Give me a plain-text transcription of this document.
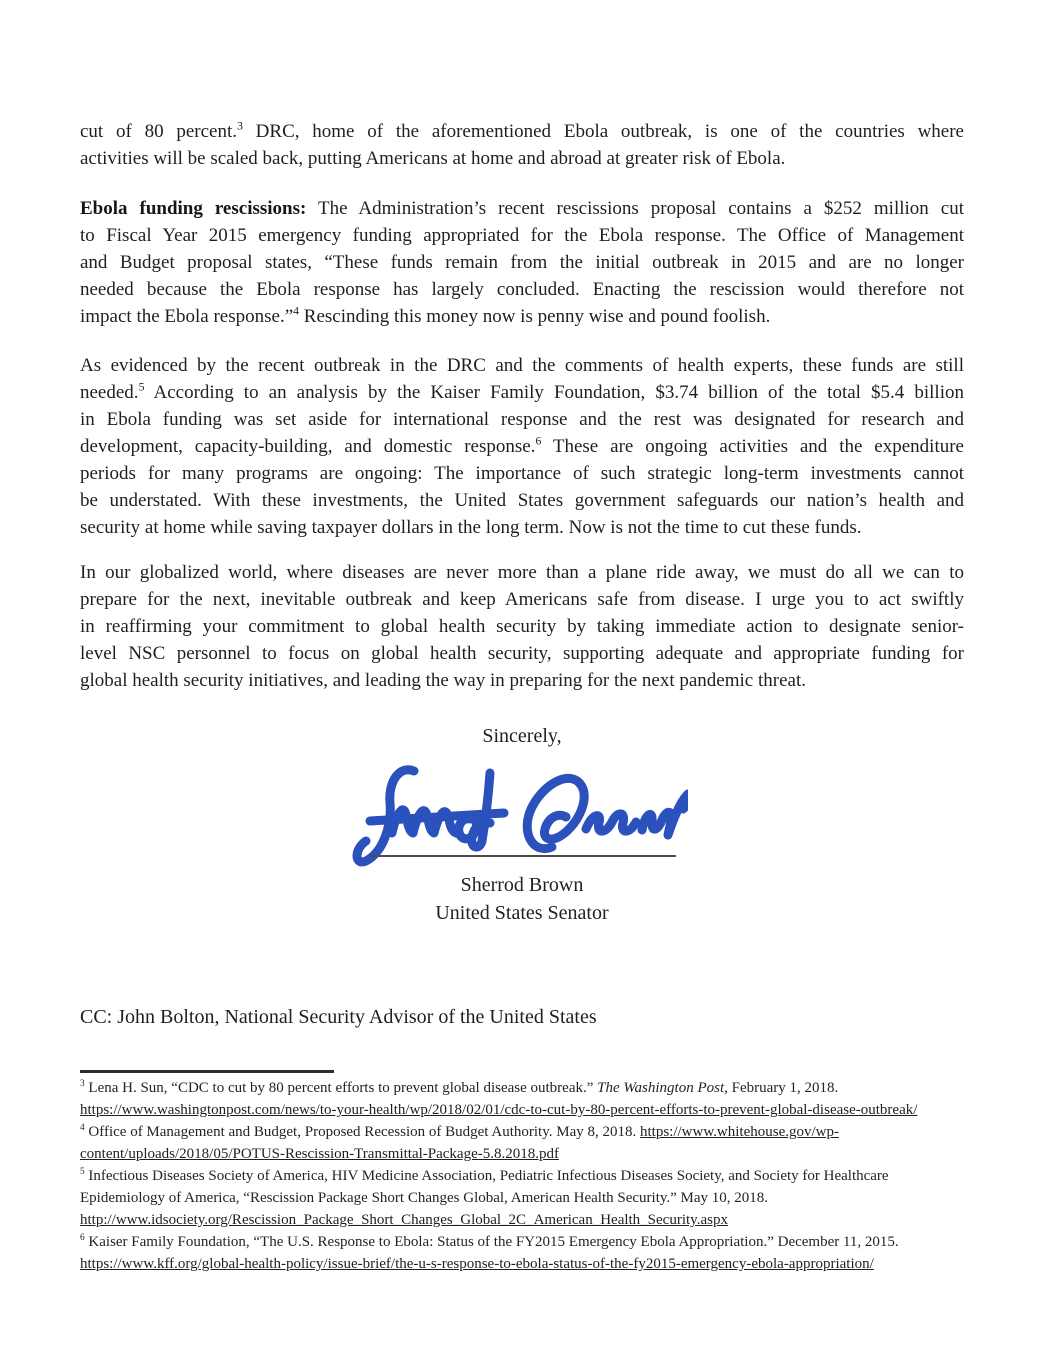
cut of 80 percent.$^3$ DRC, home of the aforementioned Ebola outbreak, is one of the countries where
activities will be scaled back, putting Americans at home and abroad at greater risk of Ebola.
Ebola funding rescissions: The Administration’s recent rescissions proposal contains a $252 million cut
to Fiscal Year 2015 emergency funding appropriated for the Ebola response. The Office of Management
and Budget proposal states, “These funds remain from the initial outbreak in 2015 and are no longer
needed because the Ebola response has largely concluded. Enacting the rescission would therefore not
impact the Ebola response.”$^4$ Rescinding this money now is penny wise and pound foolish.
As evidenced by the recent outbreak in the DRC and the comments of health experts, these funds are still
needed.$^5$ According to an analysis by the Kaiser Family Foundation, $3.74 billion of the total $5.4 billion
in Ebola funding was set aside for international response and the rest was designated for research and
development, capacity-building, and domestic response.$^6$ These are ongoing activities and the expenditure
periods for many programs are ongoing: The importance of such strategic long-term investments cannot
be understated. With these investments, the United States government safeguards our nation’s health and
security at home while saving taxpayer dollars in the long term. Now is not the time to cut these funds.
In our globalized world, where diseases are never more than a plane ride away, we must do all we can to
prepare for the next, inevitable outbreak and keep Americans safe from disease. I urge you to act swiftly
in reaffirming your commitment to global health security by taking immediate action to designate senior-
level NSC personnel to focus on global health security, supporting adequate and appropriate funding for
global health security initiatives, and leading the way in preparing for the next pandemic threat.
Sincerely,
Sherrod Brown
United States Senator
CC: John Bolton, National Security Advisor of the United States
$^3$ Lena H. Sun, “CDC to cut by 80 percent efforts to prevent global disease outbreak.” The Washington Post, February 1, 2018.
https://www.washingtonpost.com/news/to-your-health/wp/2018/02/01/cdc-to-cut-by-80-percent-efforts-to-prevent-global-disease-outbreak/
$^4$ Office of Management and Budget, Proposed Recession of Budget Authority. May 8, 2018. https://www.whitehouse.gov/wp-
content/uploads/2018/05/POTUS-Rescission-Transmittal-Package-5.8.2018.pdf
$^5$ Infectious Diseases Society of America, HIV Medicine Association, Pediatric Infectious Diseases Society, and Society for Healthcare
Epidemiology of America, “Rescission Package Short Changes Global, American Health Security.” May 10, 2018.
http://www.idsociety.org/Rescission_Package_Short_Changes_Global_2C_American_Health_Security.aspx
$^6$ Kaiser Family Foundation, “The U.S. Response to Ebola: Status of the FY2015 Emergency Ebola Appropriation.” December 11, 2015.
https://www.kff.org/global-health-policy/issue-brief/the-u-s-response-to-ebola-status-of-the-fy2015-emergency-ebola-appropriation/
